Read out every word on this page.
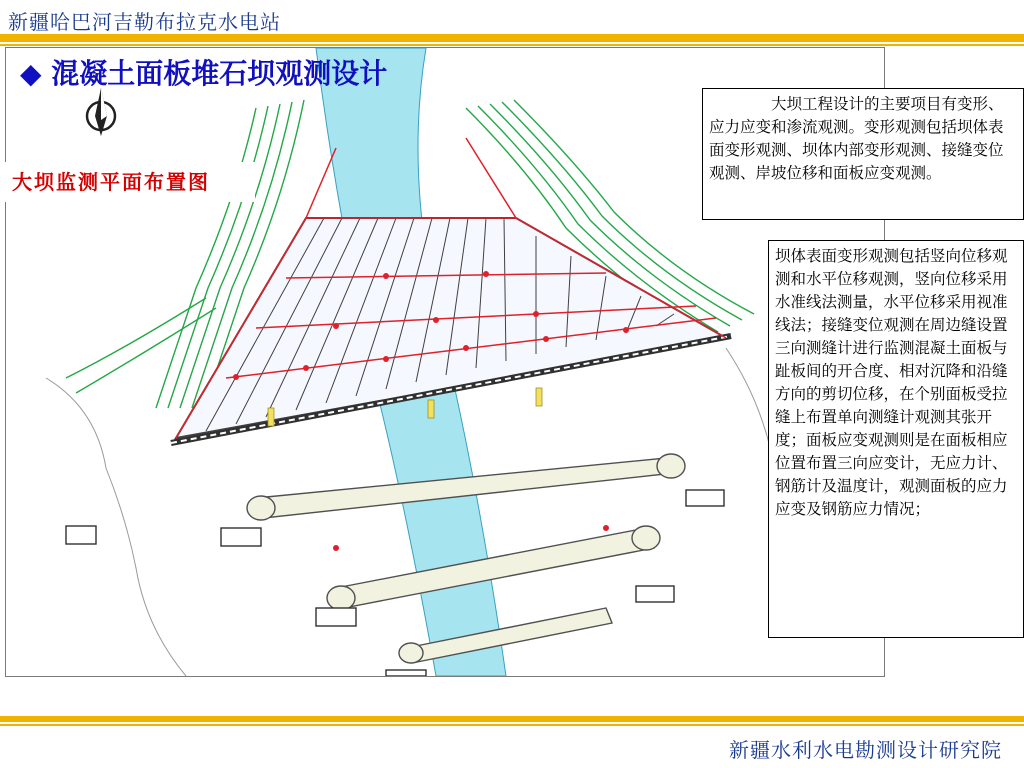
新疆哈巴河吉勒布拉克水电站
大坝监测平面布置图
◆ 混凝土面板堆石坝观测设计

大坝工程设计的主要项目有变形、应力应变和渗流观测。变形观测包括坝体表面变形观测、坝体内部变形观测、接缝变位观测、岸坡位移和面板应变观测。

坝体表面变形观测包括竖向位移观测和水平位移观测，竖向位移采用水准线法测量，水平位移采用视准线法；接缝变位观测在周边缝设置三向测缝计进行监测混凝土面板与趾板间的开合度、相对沉降和沿缝方向的剪切位移，在个别面板受拉缝上布置单向测缝计观测其张开度；面板应变观测则是在面板相应位置布置三向应变计，无应力计、钢筋计及温度计，观测面板的应力应变及钢筋应力情况；

新疆水利水电勘测设计研究院
